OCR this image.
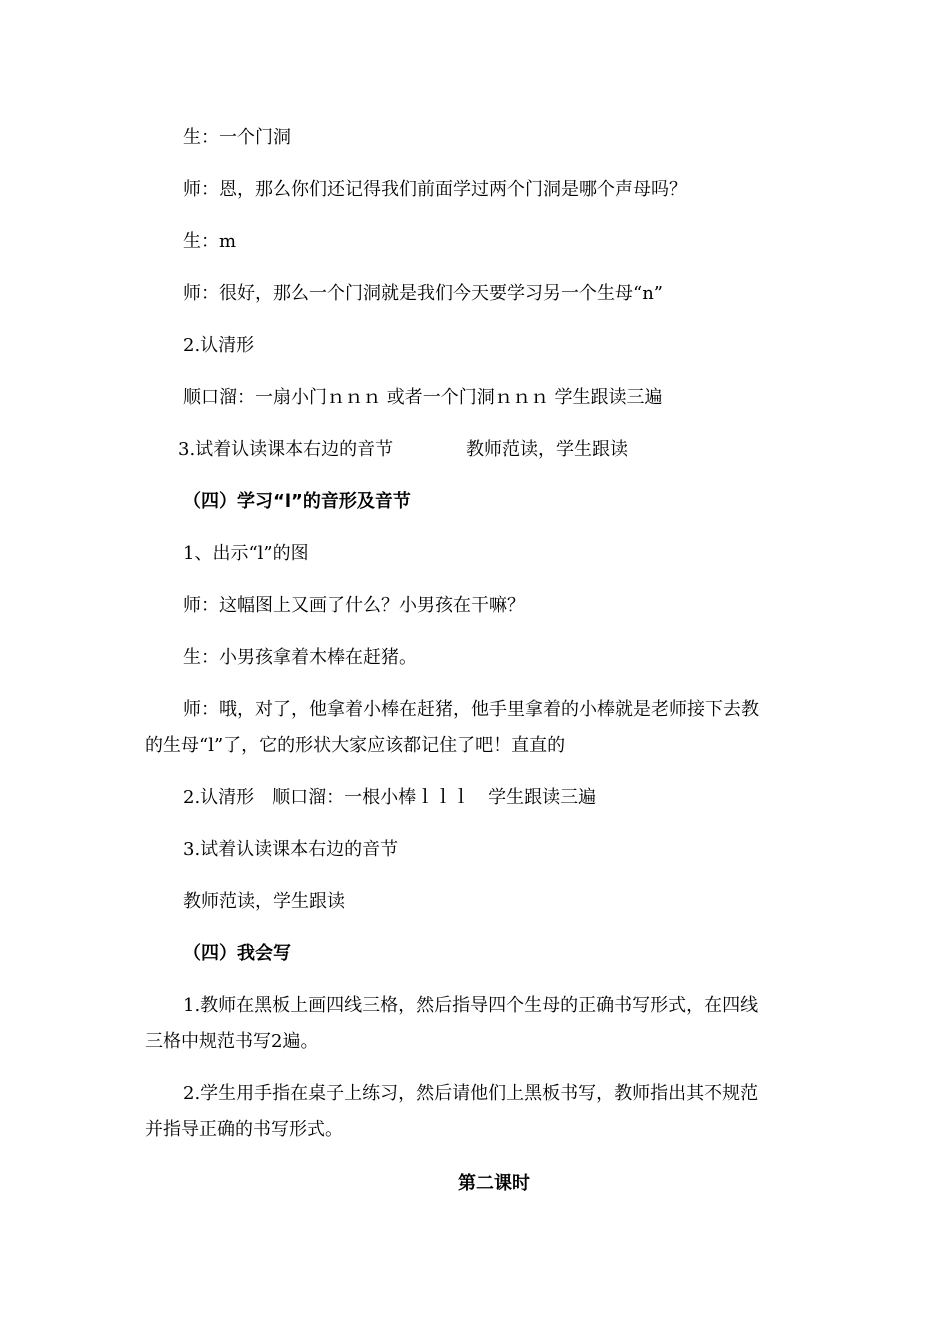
生：一个门洞
师：恩，那么你们还记得我们前面学过两个门洞是哪个声母吗？
生：m
师：很好，那么一个门洞就是我们今天要学习另一个生母“n”
2.认清形
顺口溜：一扇小门ｎｎｎ 或者一个门洞ｎｎｎ 学生跟读三遍
3.试着认读课本右边的音节	教师范读，学生跟读
（四）学习“l”的音形及音节
1、出示“l”的图
师：这幅图上又画了什么？小男孩在干嘛？
生：小男孩拿着木棒在赶猪。
师：哦，对了，他拿着小棒在赶猪，他手里拿着的小棒就是老师接下去教
的生母“l”了，它的形状大家应该都记住了吧！直直的
2.认清形　顺口溜：一根小棒ｌｌｌ　学生跟读三遍
3.试着认读课本右边的音节
教师范读，学生跟读
（四）我会写
1.教师在黑板上画四线三格，然后指导四个生母的正确书写形式，在四线
三格中规范书写2遍。
2.学生用手指在桌子上练习，然后请他们上黑板书写，教师指出其不规范
并指导正确的书写形式。
第二课时
